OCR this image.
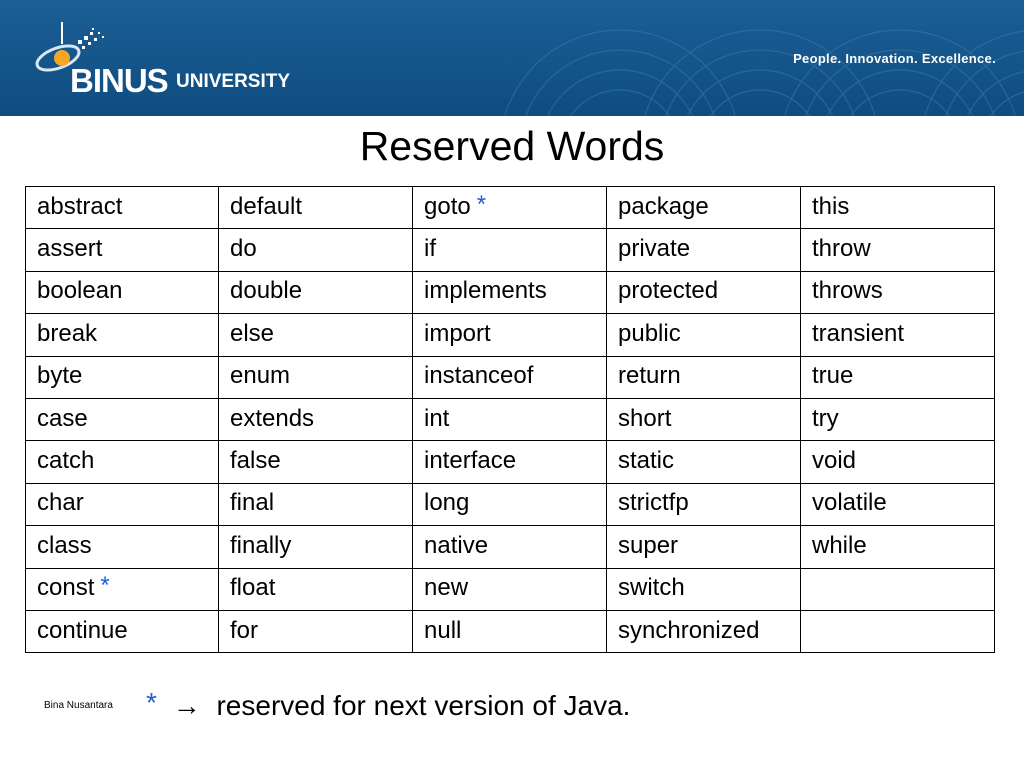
BINUS UNIVERSITY
People. Innovation. Excellence.
Reserved Words
abstract	default	goto *	package	this
assert	do	if	private	throw
boolean	double	implements	protected	throws
break	else	import	public	transient
byte	enum	instanceof	return	true
case	extends	int	short	try
catch	false	interface	static	void
char	final	long	strictfp	volatile
class	finally	native	super	while
const *	float	new	switch	
continue	for	null	synchronized	
Bina Nusantara * → reserved for next version of Java.
